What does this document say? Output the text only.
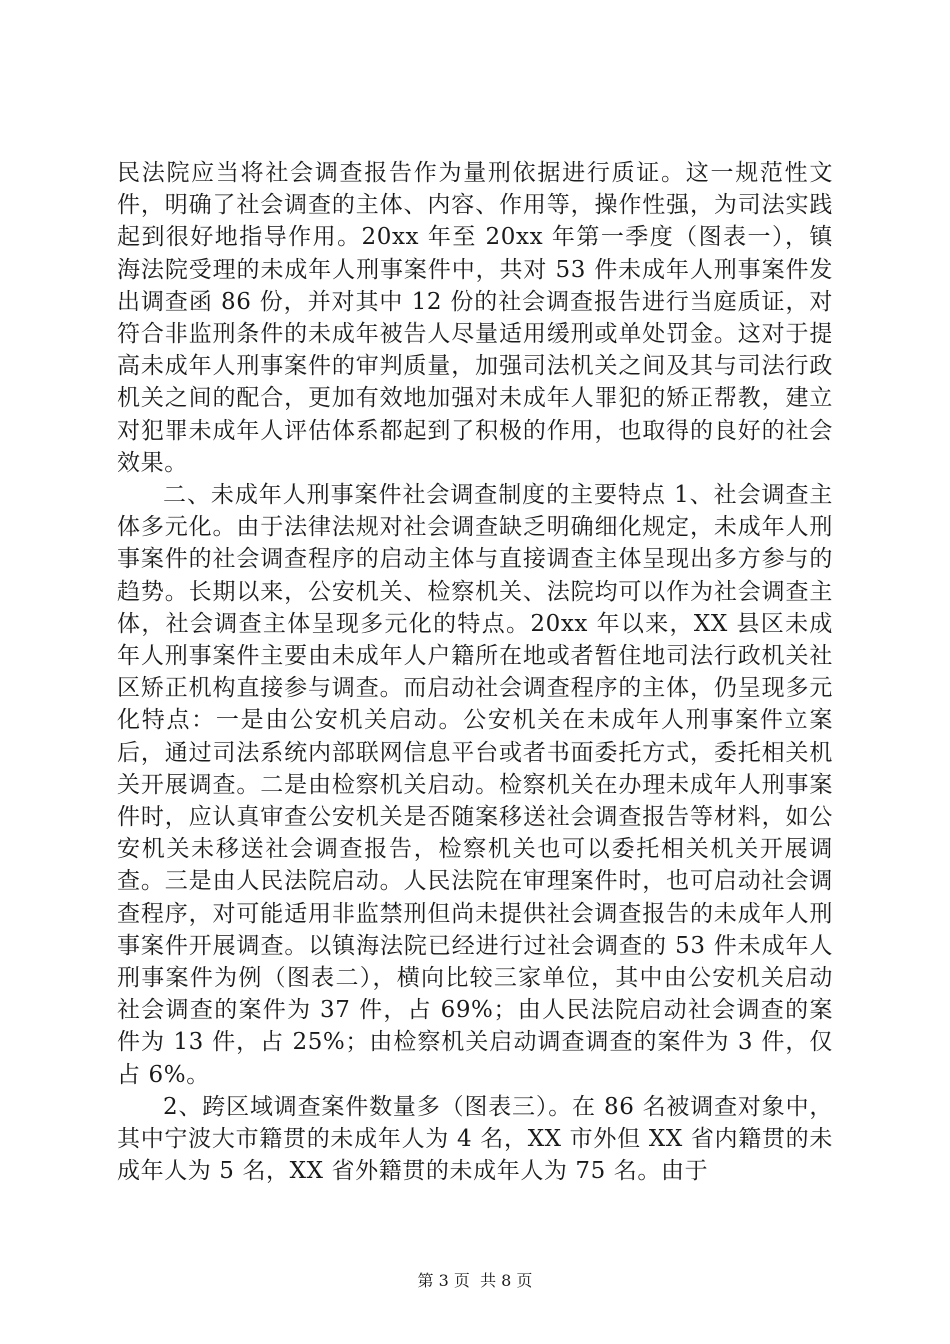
民法院应当将社会调查报告作为量刑依据进行质证。这一规范性文件，明确了社会调查的主体、内容、作用等，操作性强，为司法实践起到很好地指导作用。20xx 年至 20xx 年第一季度（图表一），镇海法院受理的未成年人刑事案件中，共对 53 件未成年人刑事案件发出调查函 86 份，并对其中 12 份的社会调查报告进行当庭质证，对符合非监刑条件的未成年被告人尽量适用缓刑或单处罚金。这对于提高未成年人刑事案件的审判质量，加强司法机关之间及其与司法行政机关之间的配合，更加有效地加强对未成年人罪犯的矫正帮教，建立对犯罪未成年人评估体系都起到了积极的作用，也取得的良好的社会效果。

二、未成年人刑事案件社会调查制度的主要特点 1、社会调查主体多元化。由于法律法规对社会调查缺乏明确细化规定，未成年人刑事案件的社会调查程序的启动主体与直接调查主体呈现出多方参与的趋势。长期以来，公安机关、检察机关、法院均可以作为社会调查主体，社会调查主体呈现多元化的特点。20xx 年以来，XX 县区未成年人刑事案件主要由未成年人户籍所在地或者暂住地司法行政机关社区矫正机构直接参与调查。而启动社会调查程序的主体，仍呈现多元化特点：一是由公安机关启动。公安机关在未成年人刑事案件立案后，通过司法系统内部联网信息平台或者书面委托方式，委托相关机关开展调查。二是由检察机关启动。检察机关在办理未成年人刑事案件时，应认真审查公安机关是否随案移送社会调查报告等材料，如公安机关未移送社会调查报告，检察机关也可以委托相关机关开展调查。三是由人民法院启动。人民法院在审理案件时，也可启动社会调查程序，对可能适用非监禁刑但尚未提供社会调查报告的未成年人刑事案件开展调查。以镇海法院已经进行过社会调查的 53 件未成年人刑事案件为例（图表二），横向比较三家单位，其中由公安机关启动社会调查的案件为 37 件，占 69%；由人民法院启动社会调查的案件为 13 件，占 25%；由检察机关启动调查调查的案件为 3 件，仅占 6%。

2、跨区域调查案件数量多（图表三）。在 86 名被调查对象中，其中宁波大市籍贯的未成年人为 4 名，XX 市外但 XX 省内籍贯的未成年人为 5 名，XX 省外籍贯的未成年人为 75 名。由于

第 3 页 共 8 页
